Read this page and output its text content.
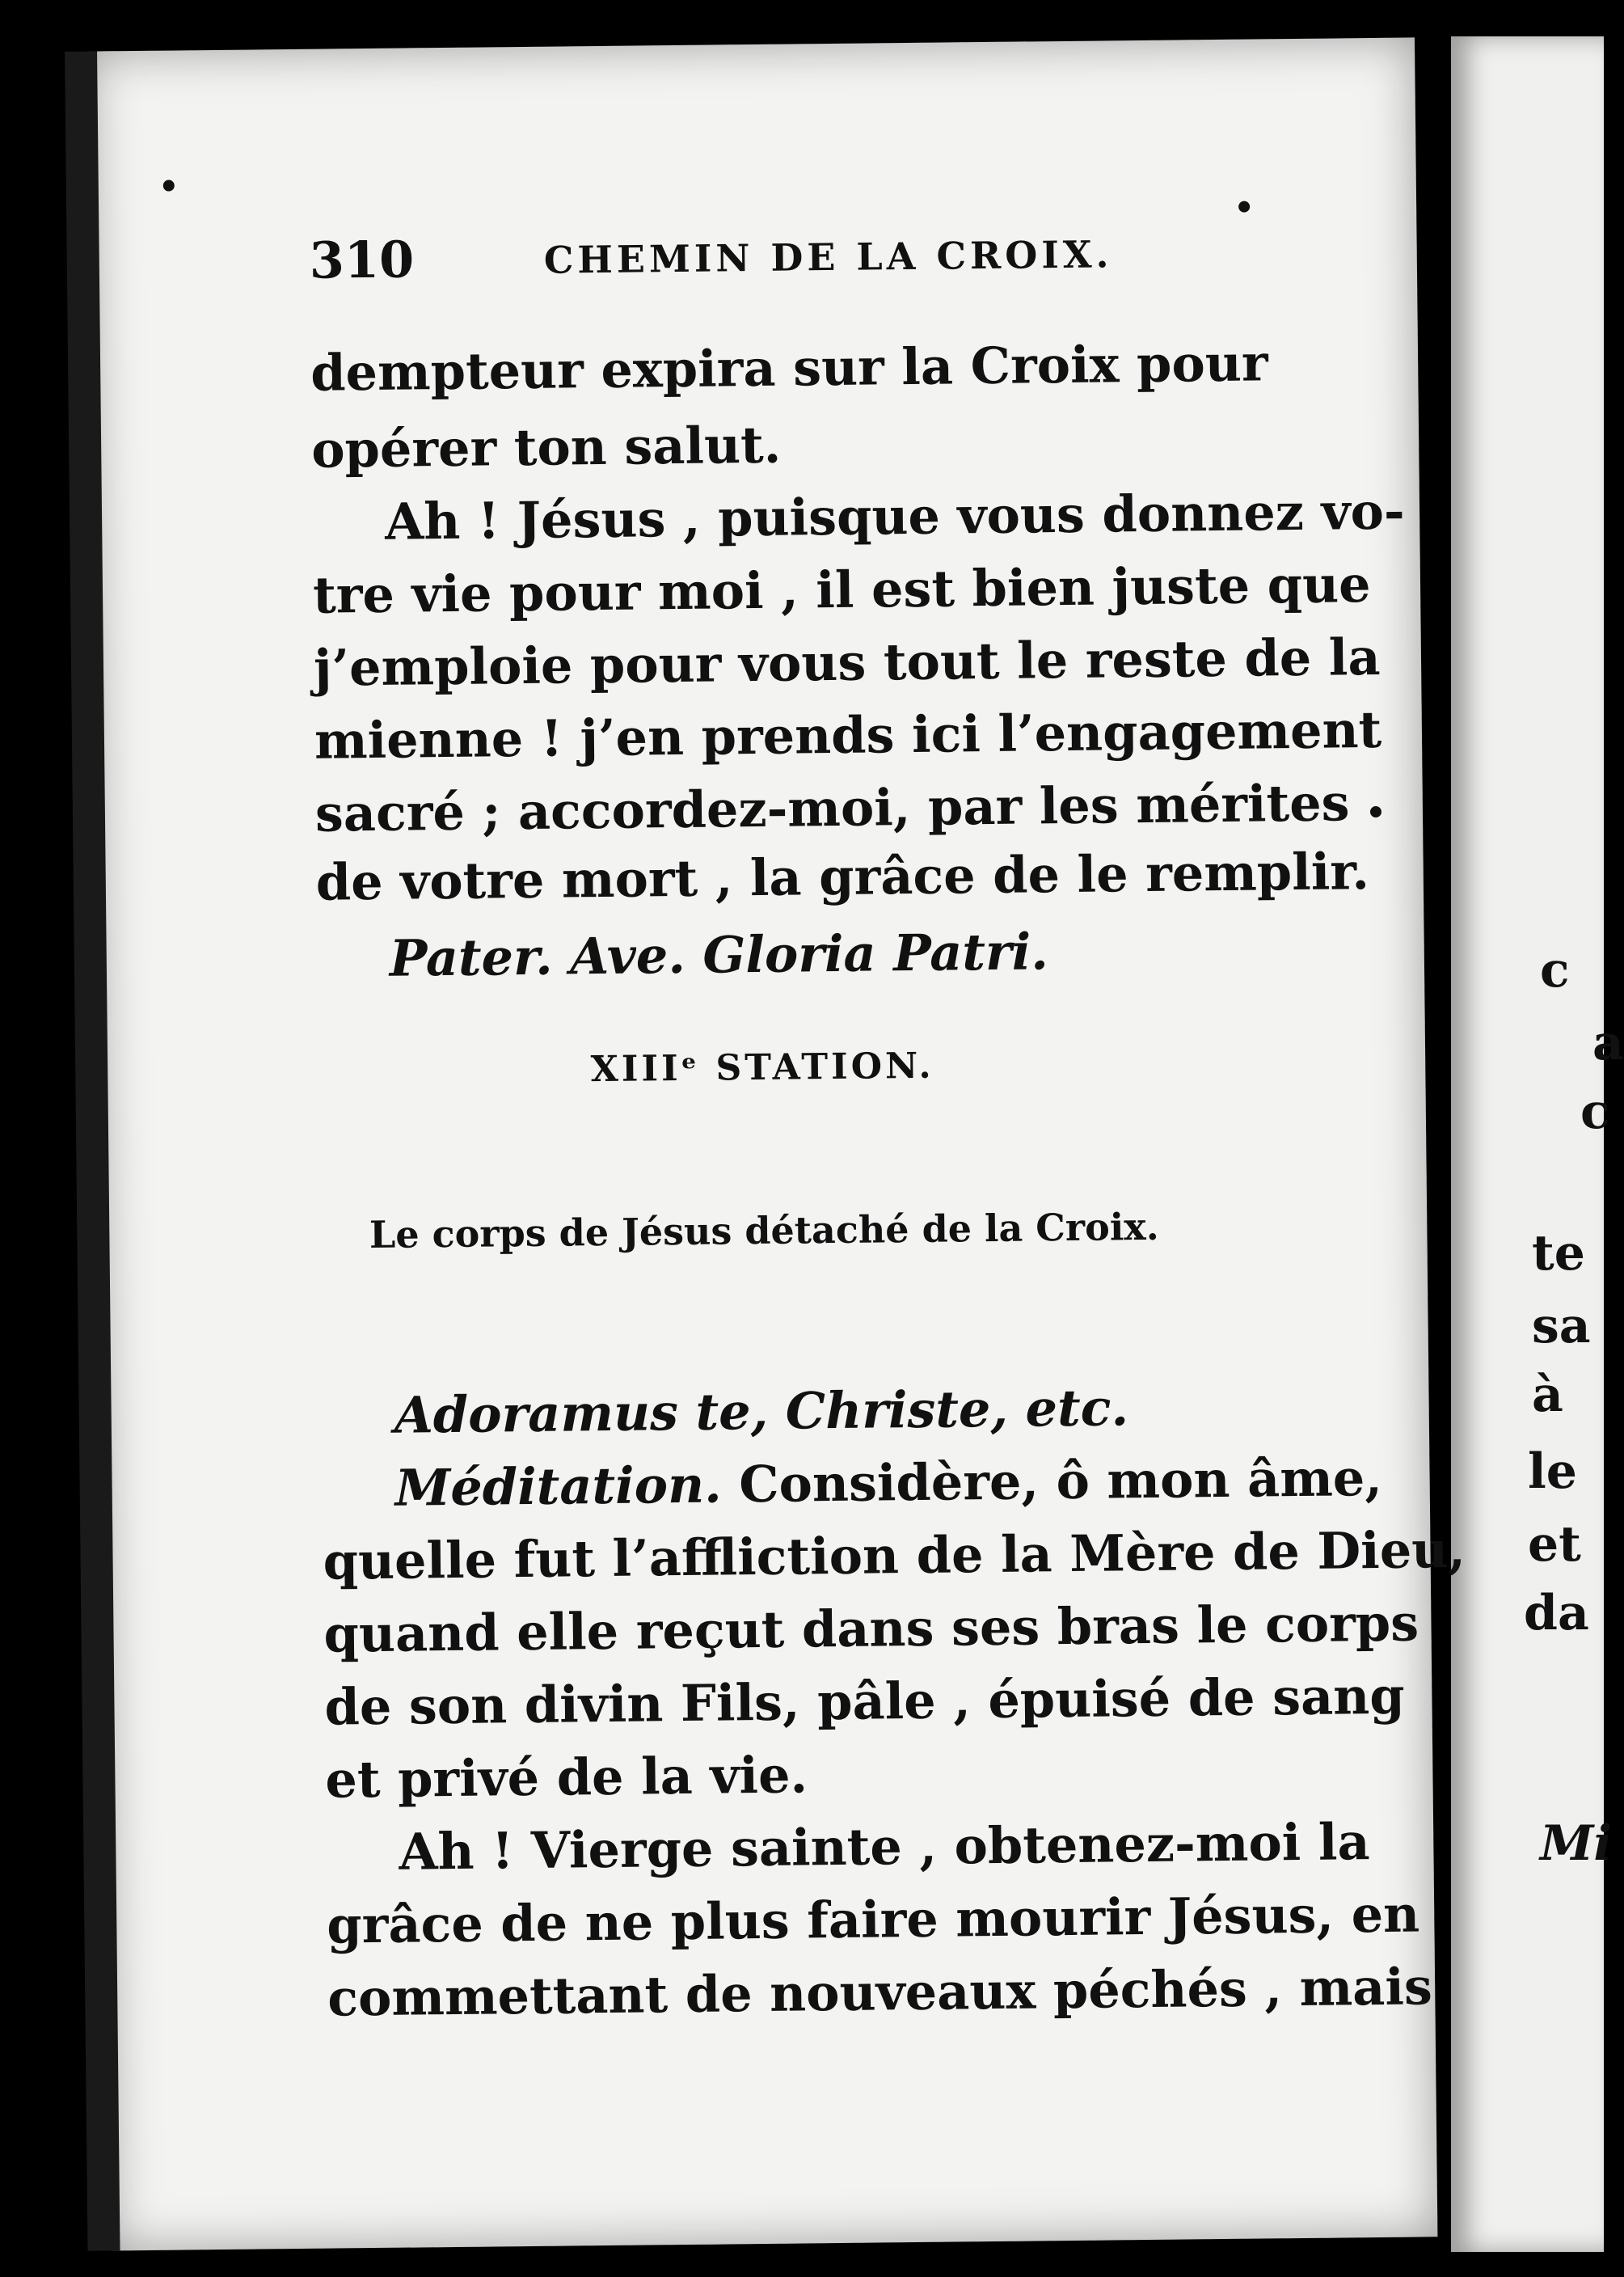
c
a
c
te
sa
à
le
et
da
Mi
310	CHEMIN DE LA CROIX.
dempteur expira sur la Croix pour
opérer ton salut.
Ah ! Jésus , puisque vous donnez vo-
tre vie pour moi , il est bien juste que
j’emploie pour vous tout le reste de la
mienne ! j’en prends ici l’engagement
sacré ; accordez-moi, par les mérites
de votre mort , la grâce de le remplir.
Pater. Ave. Gloria Patri.
XIIIᵉ STATION.
Le corps de Jésus détaché de la Croix.
Adoramus te, Christe, etc.
Méditation. Considère, ô mon âme,
quelle fut l’affliction de la Mère de Dieu,
quand elle reçut dans ses bras le corps
de son divin Fils, pâle , épuisé de sang
et privé de la vie.
Ah ! Vierge sainte , obtenez-moi la
grâce de ne plus faire mourir Jésus, en
commettant de nouveaux péchés , mais
